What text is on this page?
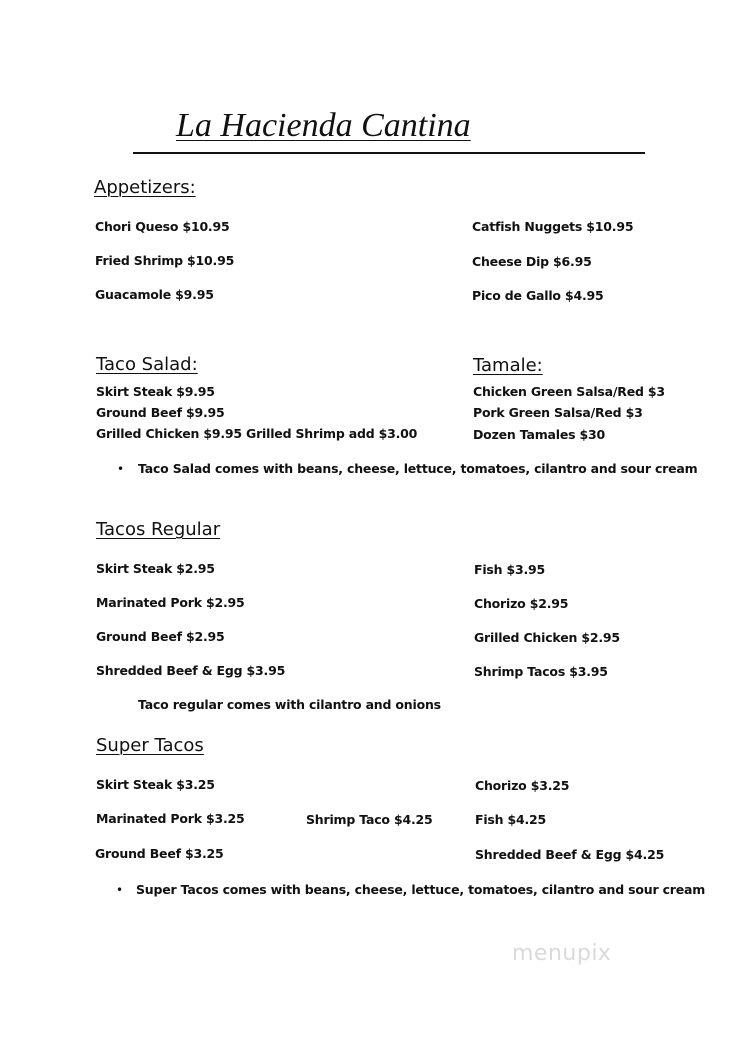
La Hacienda Cantina
Appetizers:
Chori Queso $10.95
Fried Shrimp $10.95
Guacamole $9.95
Catfish Nuggets $10.95
Cheese Dip $6.95
Pico de Gallo $4.95
Taco Salad:
Skirt Steak $9.95
Ground Beef $9.95
Grilled Chicken $9.95 Grilled Shrimp add $3.00
Tamale:
Chicken Green Salsa/Red $3
Pork Green Salsa/Red $3
Dozen Tamales $30
• Taco Salad comes with beans, cheese, lettuce, tomatoes, cilantro and sour cream
Tacos Regular
Skirt Steak $2.95
Marinated Pork $2.95
Ground Beef $2.95
Shredded Beef & Egg $3.95
Fish $3.95
Chorizo $2.95
Grilled Chicken $2.95
Shrimp Tacos $3.95
Taco regular comes with cilantro and onions
Super Tacos
Skirt Steak $3.25
Marinated Pork $3.25
Ground Beef $3.25
Shrimp Taco $4.25
Chorizo $3.25
Fish $4.25
Shredded Beef & Egg $4.25
• Super Tacos comes with beans, cheese, lettuce, tomatoes, cilantro and sour cream
menupix
